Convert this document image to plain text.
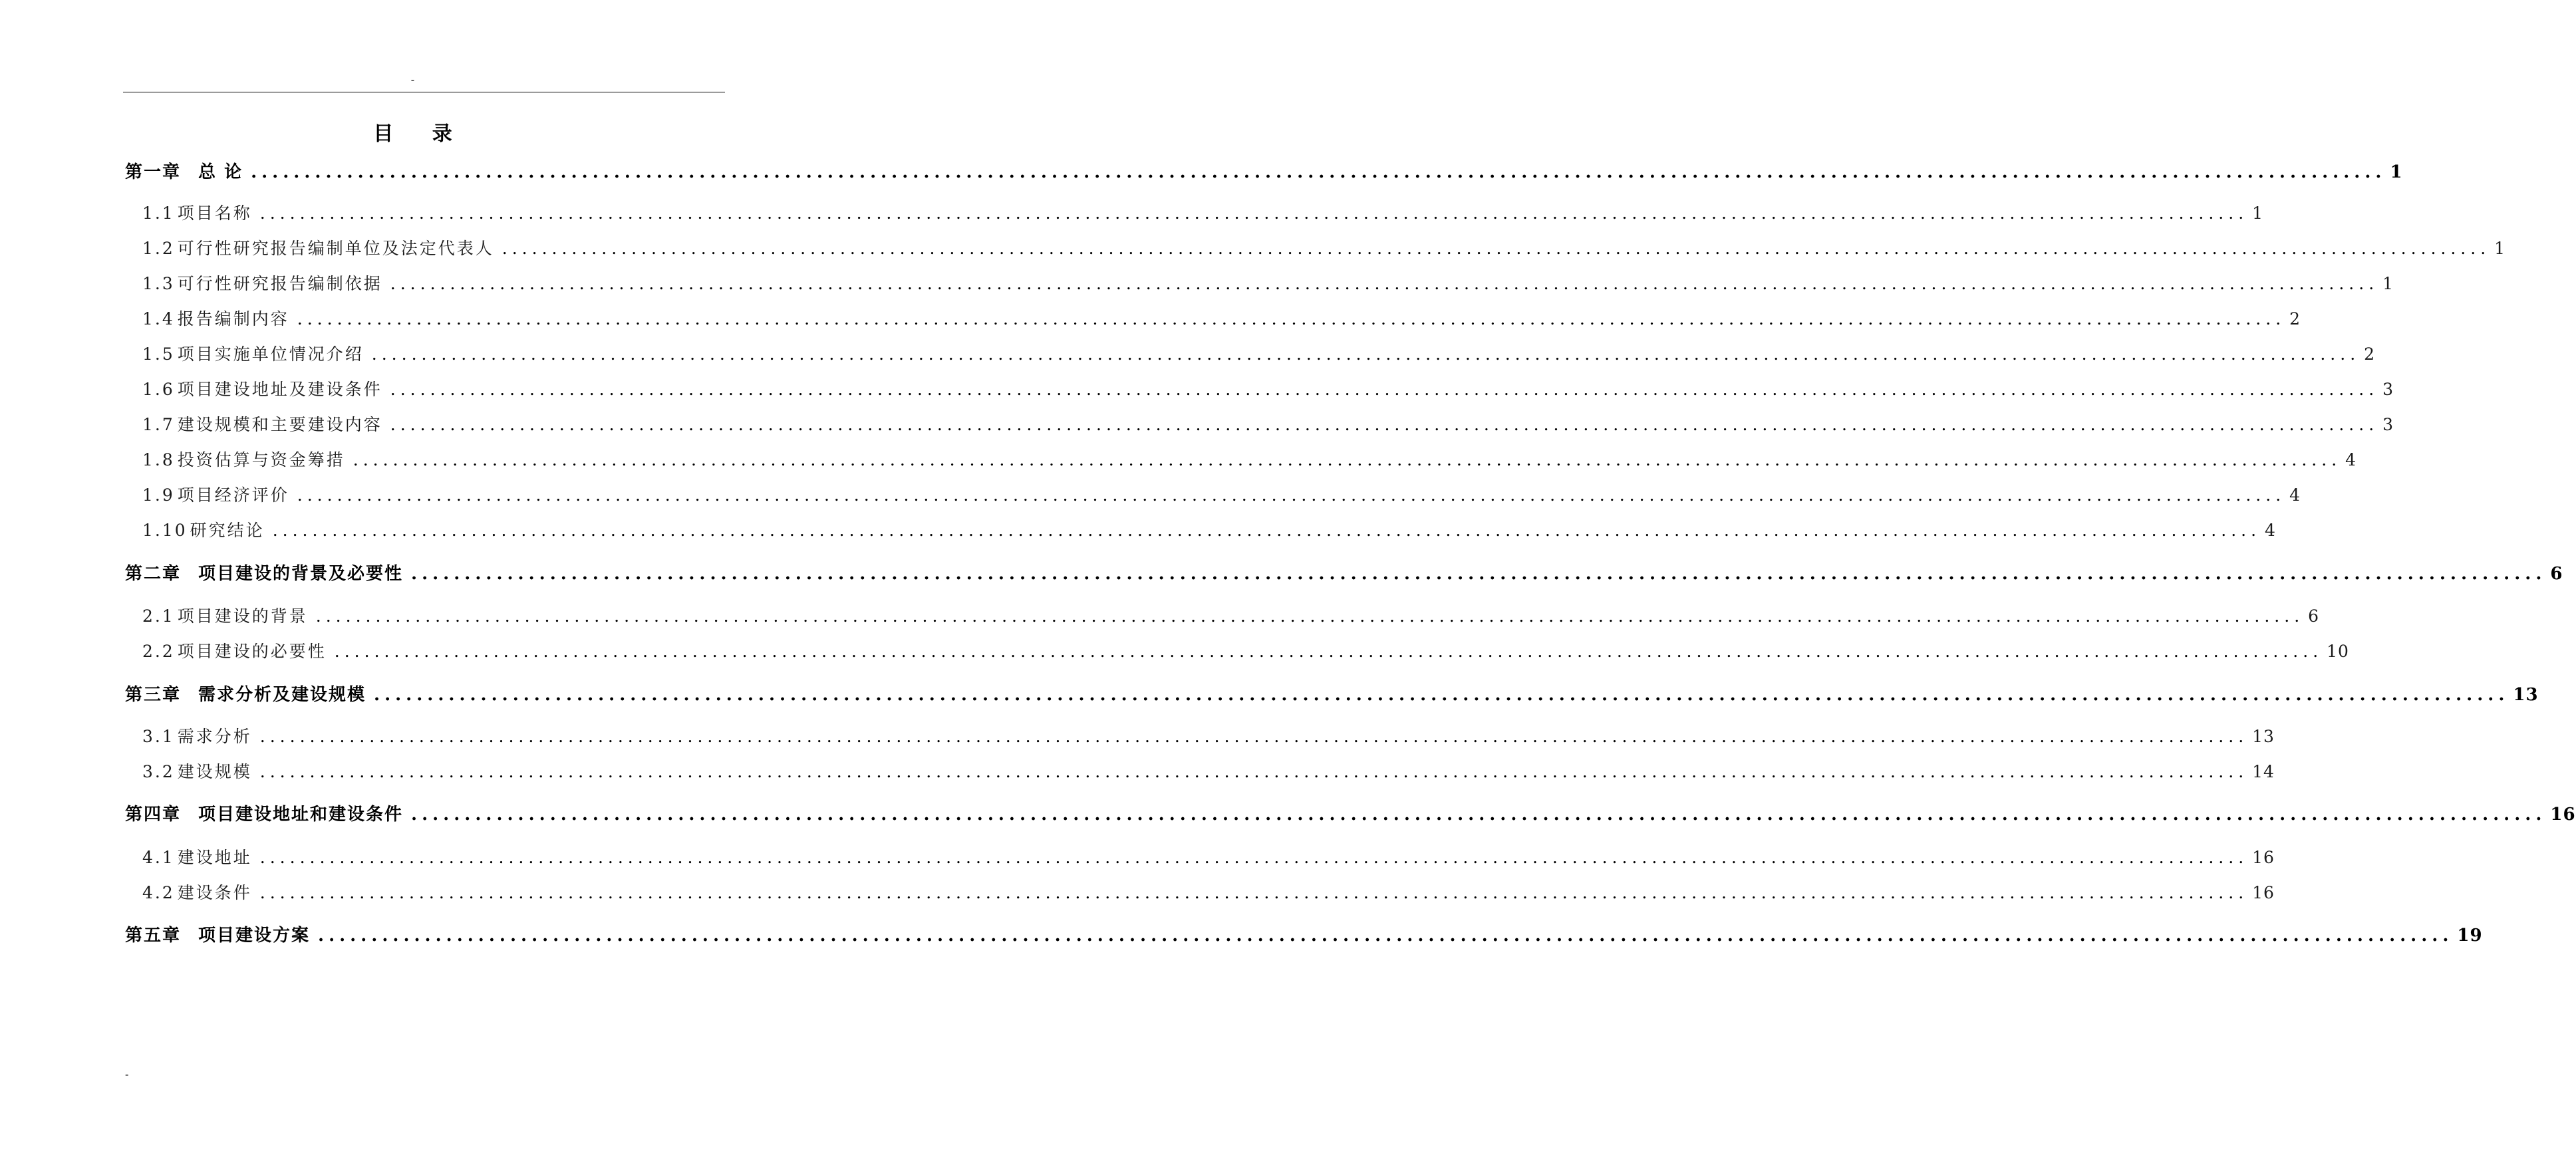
-
目 录
第一章 总 论 ........................................................................................................................................................................................................ 1
1.1 项目名称 ........................................................................................................................................................................................................ 1
1.2 可行性研究报告编制单位及法定代表人 ........................................................................................................................................................................................................ 1
1.3 可行性研究报告编制依据 ........................................................................................................................................................................................................ 1
1.4 报告编制内容 ........................................................................................................................................................................................................ 2
1.5 项目实施单位情况介绍 ........................................................................................................................................................................................................ 2
1.6 项目建设地址及建设条件 ........................................................................................................................................................................................................ 3
1.7 建设规模和主要建设内容 ........................................................................................................................................................................................................ 3
1.8 投资估算与资金筹措 ........................................................................................................................................................................................................ 4
1.9 项目经济评价 ........................................................................................................................................................................................................ 4
1.10 研究结论 ........................................................................................................................................................................................................ 4
第二章 项目建设的背景及必要性 ........................................................................................................................................................................................................ 6
2.1 项目建设的背景 ........................................................................................................................................................................................................ 6
2.2 项目建设的必要性 ........................................................................................................................................................................................................ 10
第三章 需求分析及建设规模 ........................................................................................................................................................................................................ 13
3.1 需求分析 ........................................................................................................................................................................................................ 13
3.2 建设规模 ........................................................................................................................................................................................................ 14
第四章 项目建设地址和建设条件 ........................................................................................................................................................................................................ 16
4.1 建设地址 ........................................................................................................................................................................................................ 16
4.2 建设条件 ........................................................................................................................................................................................................ 16
第五章 项目建设方案 ........................................................................................................................................................................................................ 19
-
